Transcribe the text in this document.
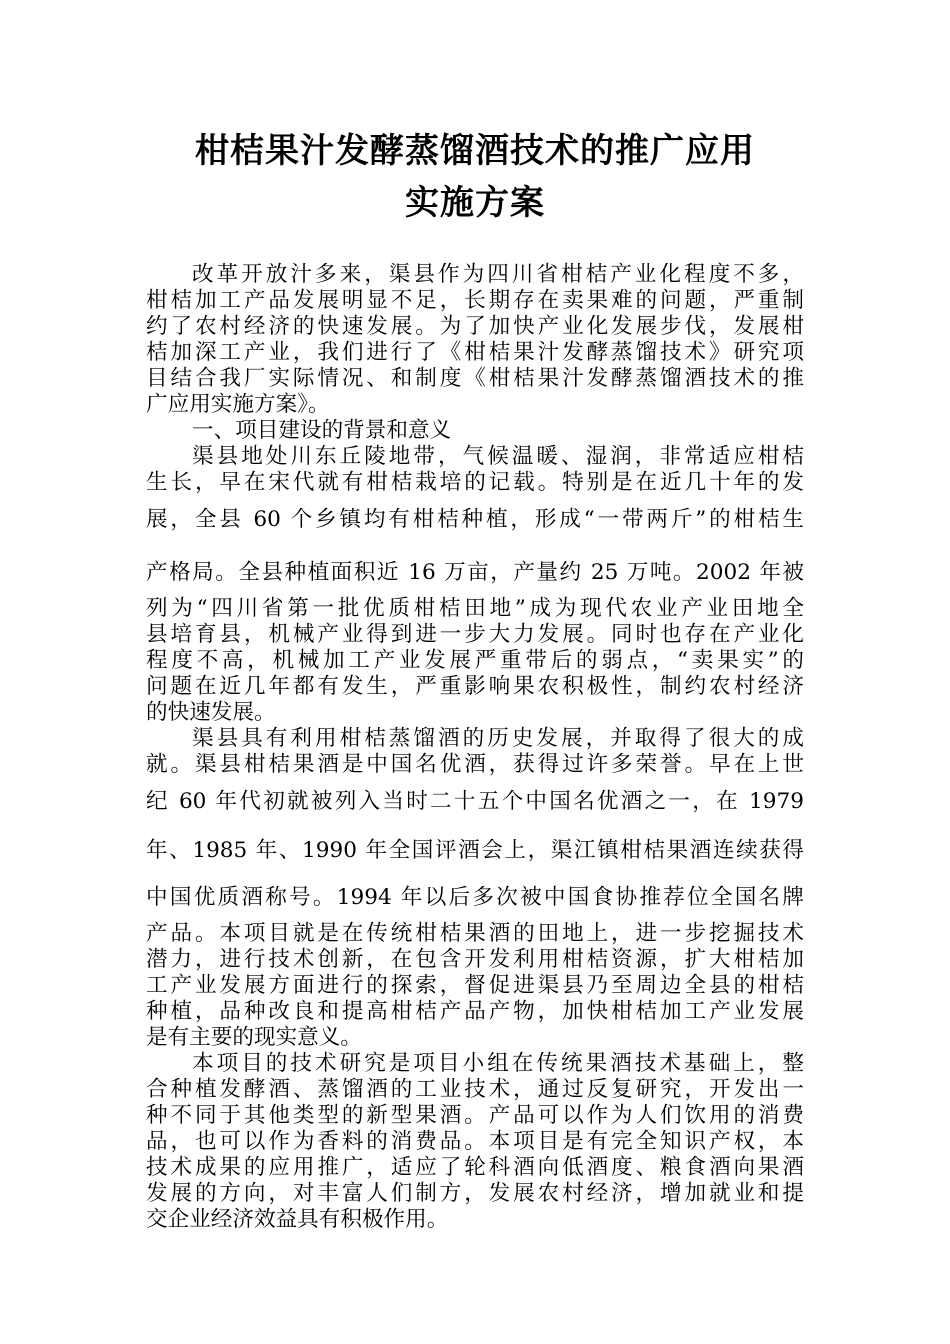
柑桔果汁发酵蒸馏酒技术的推广应用
实施方案
改革开放汁多来，渠县作为四川省柑桔产业化程度不多，
柑桔加工产品发展明显不足，长期存在卖果难的问题，严重制
约了农村经济的快速发展。为了加快产业化发展步伐，发展柑
桔加深工产业，我们进行了《柑桔果汁发酵蒸馏技术》研究项
目结合我厂实际情况、和制度《柑桔果汁发酵蒸馏酒技术的推
广应用实施方案》。
一、项目建设的背景和意义
渠县地处川东丘陵地带，气候温暖、湿润，非常适应柑桔
生长，早在宋代就有柑桔栽培的记载。特别是在近几十年的发
展，全县 60 个乡镇均有柑桔种植，形成“一带两斤”的柑桔生
产格局。全县种植面积近 16 万亩，产量约 25 万吨。2002 年被
列为“四川省第一批优质柑桔田地”成为现代农业产业田地全
县培育县，机械产业得到进一步大力发展。同时也存在产业化
程度不高，机械加工产业发展严重带后的弱点，“卖果实”的
问题在近几年都有发生，严重影响果农积极性，制约农村经济
的快速发展。
渠县具有利用柑桔蒸馏酒的历史发展，并取得了很大的成
就。渠县柑桔果酒是中国名优酒，获得过许多荣誉。早在上世
纪 60 年代初就被列入当时二十五个中国名优酒之一，在 1979
年、1985 年、1990 年全国评酒会上，渠江镇柑桔果酒连续获得
中国优质酒称号。1994 年以后多次被中国食协推荐位全国名牌
产品。本项目就是在传统柑桔果酒的田地上，进一步挖掘技术
潜力，进行技术创新，在包含开发利用柑桔资源，扩大柑桔加
工产业发展方面进行的探索，督促进渠县乃至周边全县的柑桔
种植，品种改良和提高柑桔产品产物，加快柑桔加工产业发展
是有主要的现实意义。
本项目的技术研究是项目小组在传统果酒技术基础上，整
合种植发酵酒、蒸馏酒的工业技术，通过反复研究，开发出一
种不同于其他类型的新型果酒。产品可以作为人们饮用的消费
品，也可以作为香料的消费品。本项目是有完全知识产权，本
技术成果的应用推广，适应了轮科酒向低酒度、粮食酒向果酒
发展的方向，对丰富人们制方，发展农村经济，增加就业和提
交企业经济效益具有积极作用。
